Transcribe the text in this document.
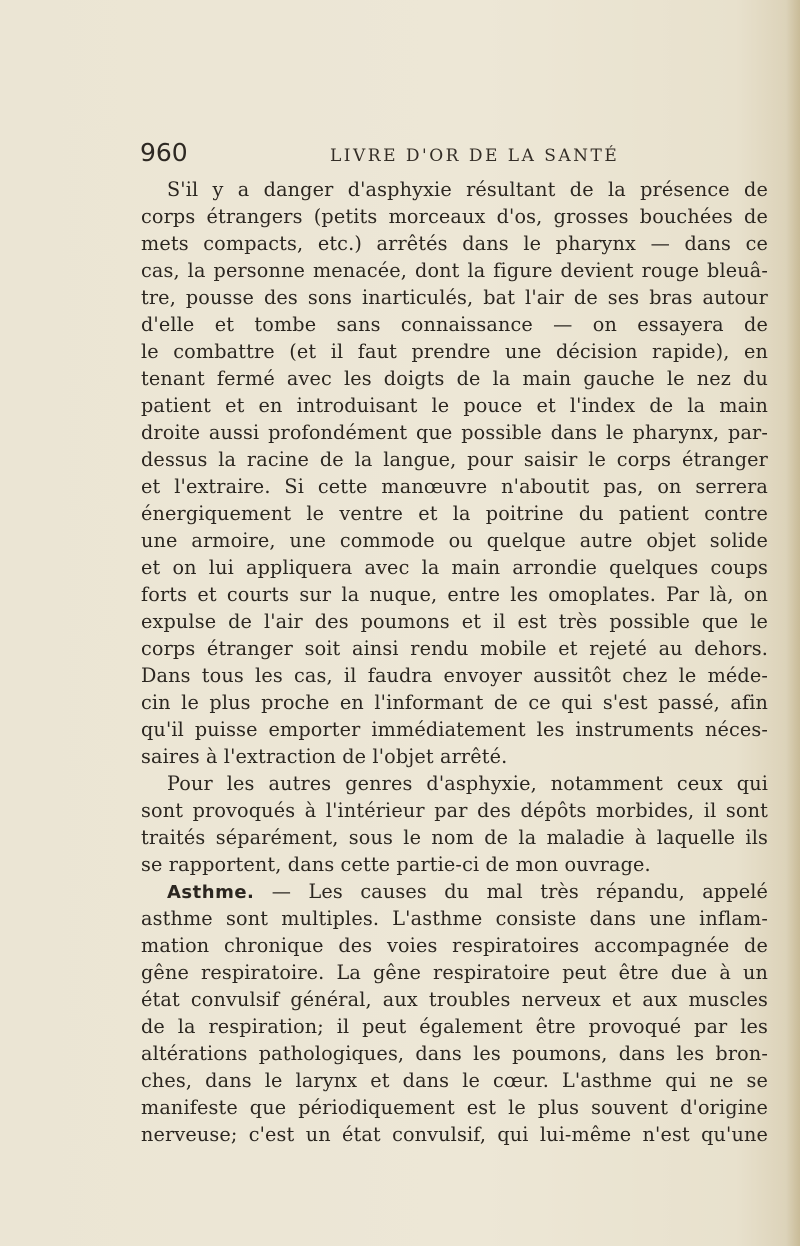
960	LIVRE D'OR DE LA SANTÉ
S'il y a danger d'asphyxie résultant de la présence de
corps étrangers (petits morceaux d'os, grosses bouchées de
mets compacts, etc.) arrêtés dans le pharynx — dans ce
cas, la personne menacée, dont la figure devient rouge bleuâ-
tre, pousse des sons inarticulés, bat l'air de ses bras autour
d'elle et tombe sans connaissance — on essayera de
le combattre (et il faut prendre une décision rapide), en
tenant fermé avec les doigts de la main gauche le nez du
patient et en introduisant le pouce et l'index de la main
droite aussi profondément que possible dans le pharynx, par-
dessus la racine de la langue, pour saisir le corps étranger
et l'extraire. Si cette manœuvre n'aboutit pas, on serrera
énergiquement le ventre et la poitrine du patient contre
une armoire, une commode ou quelque autre objet solide
et on lui appliquera avec la main arrondie quelques coups
forts et courts sur la nuque, entre les omoplates. Par là, on
expulse de l'air des poumons et il est très possible que le
corps étranger soit ainsi rendu mobile et rejeté au dehors.
Dans tous les cas, il faudra envoyer aussitôt chez le méde-
cin le plus proche en l'informant de ce qui s'est passé, afin
qu'il puisse emporter immédiatement les instruments néces-
saires à l'extraction de l'objet arrêté.
Pour les autres genres d'asphyxie, notamment ceux qui
sont provoqués à l'intérieur par des dépôts morbides, il sont
traités séparément, sous le nom de la maladie à laquelle ils
se rapportent, dans cette partie-ci de mon ouvrage.
Asthme. — Les causes du mal très répandu, appelé
asthme sont multiples. L'asthme consiste dans une inflam-
mation chronique des voies respiratoires accompagnée de
gêne respiratoire. La gêne respiratoire peut être due à un
état convulsif général, aux troubles nerveux et aux muscles
de la respiration; il peut également être provoqué par les
altérations pathologiques, dans les poumons, dans les bron-
ches, dans le larynx et dans le cœur. L'asthme qui ne se
manifeste que périodiquement est le plus souvent d'origine
nerveuse; c'est un état convulsif, qui lui-même n'est qu'une
